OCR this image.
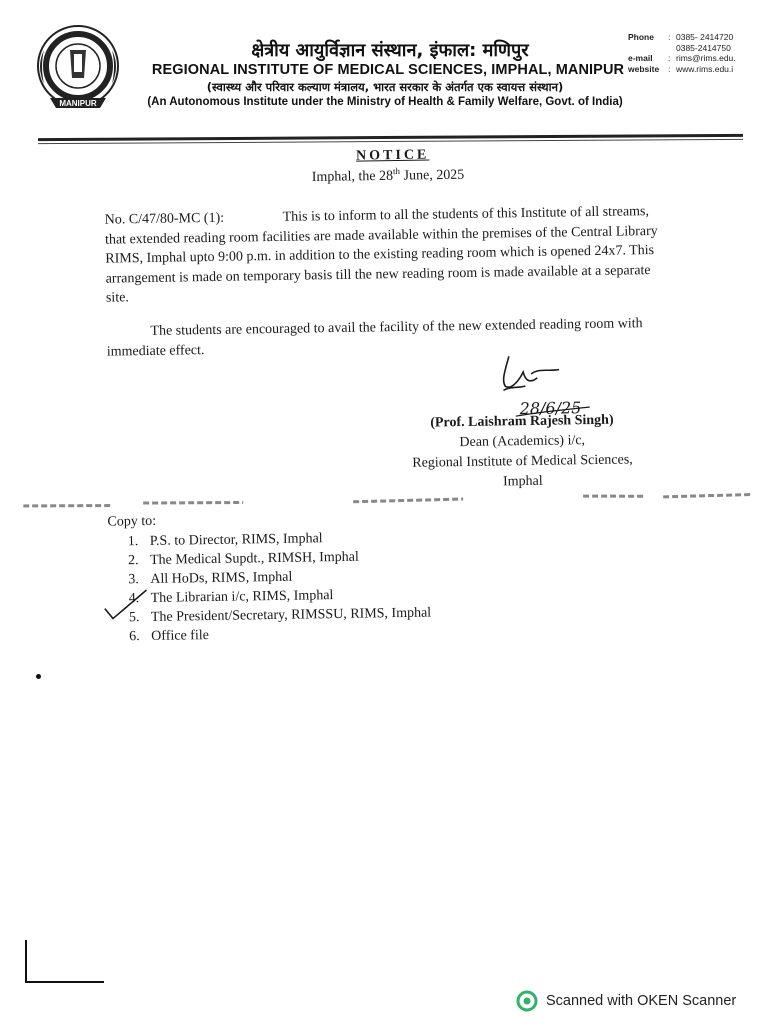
MANIPUR
क्षेत्रीय आयुर्विज्ञान संस्थान, इंफाल: मणिपुर
REGIONAL INSTITUTE OF MEDICAL SCIENCES, IMPHAL, MANIPUR
(स्वास्थ्य और परिवार कल्याण मंत्रालय, भारत सरकार के अंतर्गत एक स्वायत्त संस्थान)
(An Autonomous Institute under the Ministry of Health & Family Welfare, Govt. of India)
Phone	: 0385- 2414720
0385-2414750
e-mail	: rims@rims.edu.
website	: www.rims.edu.i
NOTICE
Imphal, the 28th June, 2025
No. C/47/80-MC (1):	This is to inform to all the students of this Institute of all streams, that extended reading room facilities are made available within the premises of the Central Library RIMS, Imphal upto 9:00 p.m. in addition to the existing reading room which is opened 24x7. This arrangement is made on temporary basis till the new reading room is made available at a separate site.
The students are encouraged to avail the facility of the new extended reading room with immediate effect.
28/6/25
(Prof. Laishram Rajesh Singh)
Dean (Academics) i/c,
Regional Institute of Medical Sciences,
Imphal
Copy to:
1. P.S. to Director, RIMS, Imphal
2. The Medical Supdt., RIMSH, Imphal
3. All HoDs, RIMS, Imphal
4. The Librarian i/c, RIMS, Imphal
5. The President/Secretary, RIMSSU, RIMS, Imphal
6. Office file
Scanned with OKEN Scanner
